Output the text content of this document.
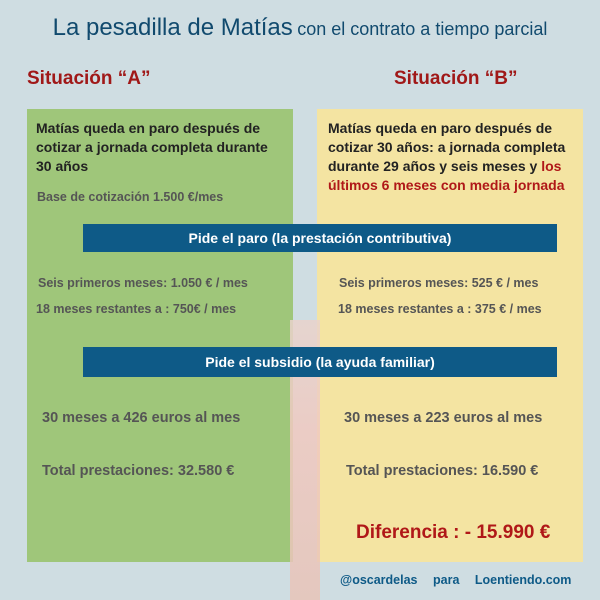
La pesadilla de Matías con el contrato a tiempo parcial
Situación “A”	Situación “B”
Matías queda en paro después de cotizar a jornada completa durante 30 años
Base de cotización 1.500 €/mes
Matías queda en paro después de cotizar 30 años: a jornada completa durante 29 años y seis meses y los últimos 6 meses con media jornada
Pide el paro (la prestación contributiva)
Seis primeros meses: 1.050 € / mes
18 meses restantes a : 750€ / mes
Seis primeros meses: 525 € / mes
18 meses restantes a : 375 € / mes
Pide el subsidio (la ayuda familiar)
30 meses a 426 euros al mes	30 meses a 223 euros al mes
Total prestaciones: 32.580 €	Total prestaciones: 16.590 €
Diferencia : - 15.990 €
@oscardelas para Loentiendo.com
